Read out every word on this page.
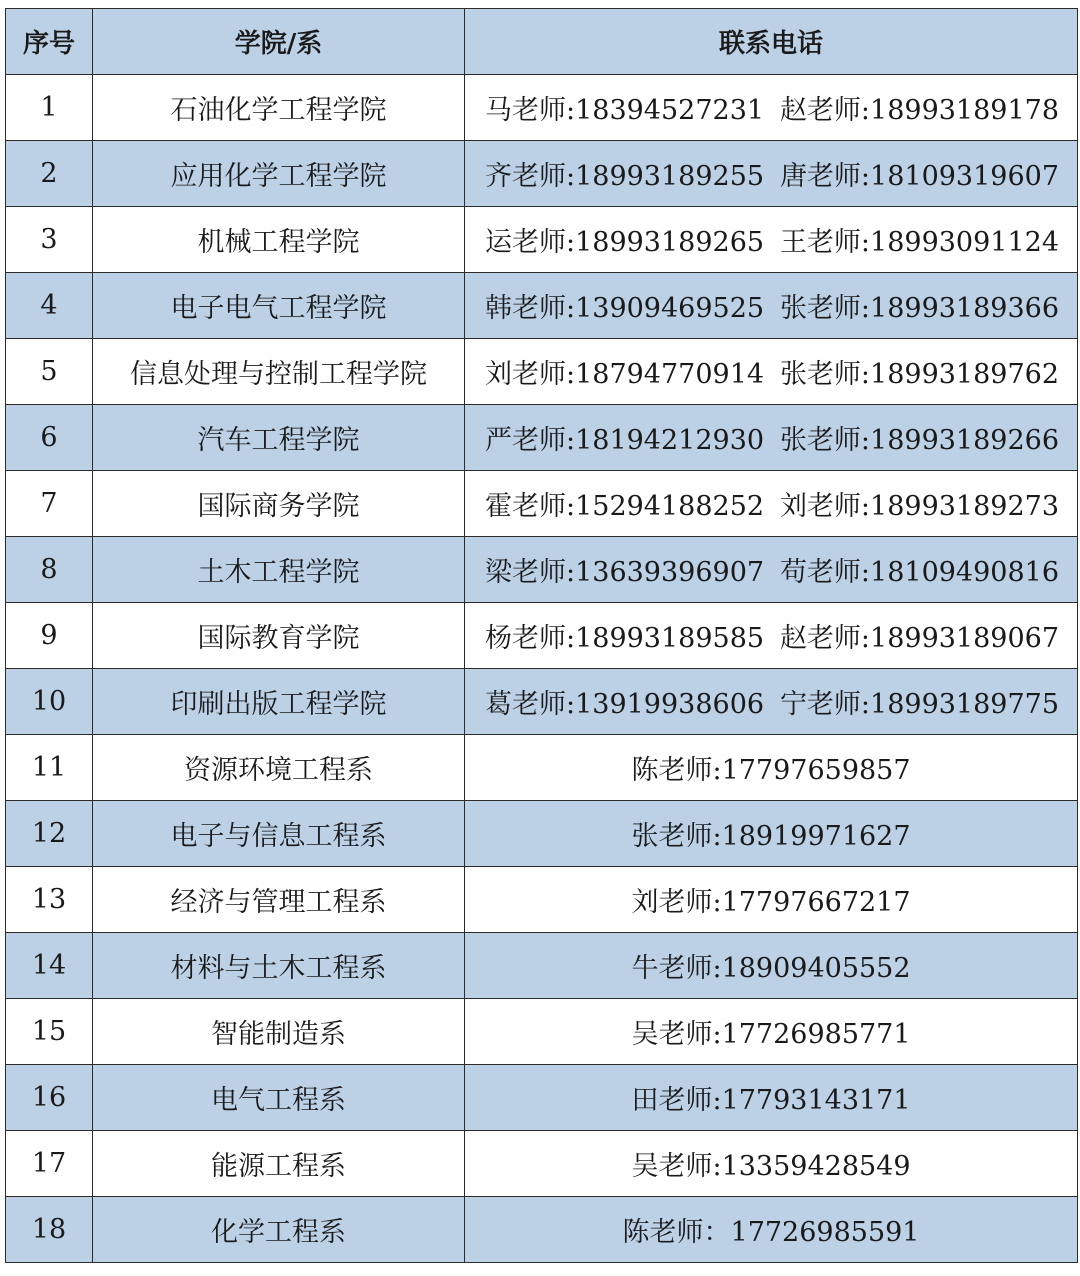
序号	学院/系	联系电话
1	石油化学工程学院	马老师:18394527231 赵老师:18993189178

2	应用化学工程学院	齐老师:18993189255 唐老师:18109319607

3	机械工程学院	运老师:18993189265 王老师:18993091124

4	电子电气工程学院	韩老师:13909469525 张老师:18993189366

5	信息处理与控制工程学院	刘老师:18794770914 张老师:18993189762

6	汽车工程学院	严老师:18194212930 张老师:18993189266

7	国际商务学院	霍老师:15294188252 刘老师:18993189273

8	土木工程学院	梁老师:13639396907 苟老师:18109490816

9	国际教育学院	杨老师:18993189585 赵老师:18993189067

10	印刷出版工程学院	葛老师:13919938606 宁老师:18993189775

11	资源环境工程系	陈老师:17797659857
12	电子与信息工程系	张老师:18919971627
13	经济与管理工程系	刘老师:17797667217
14	材料与土木工程系	牛老师:18909405552
15	智能制造系	吴老师:17726985771
16	电气工程系	田老师:17793143171
17	能源工程系	吴老师:13359428549
18	化学工程系	陈老师：17726985591
